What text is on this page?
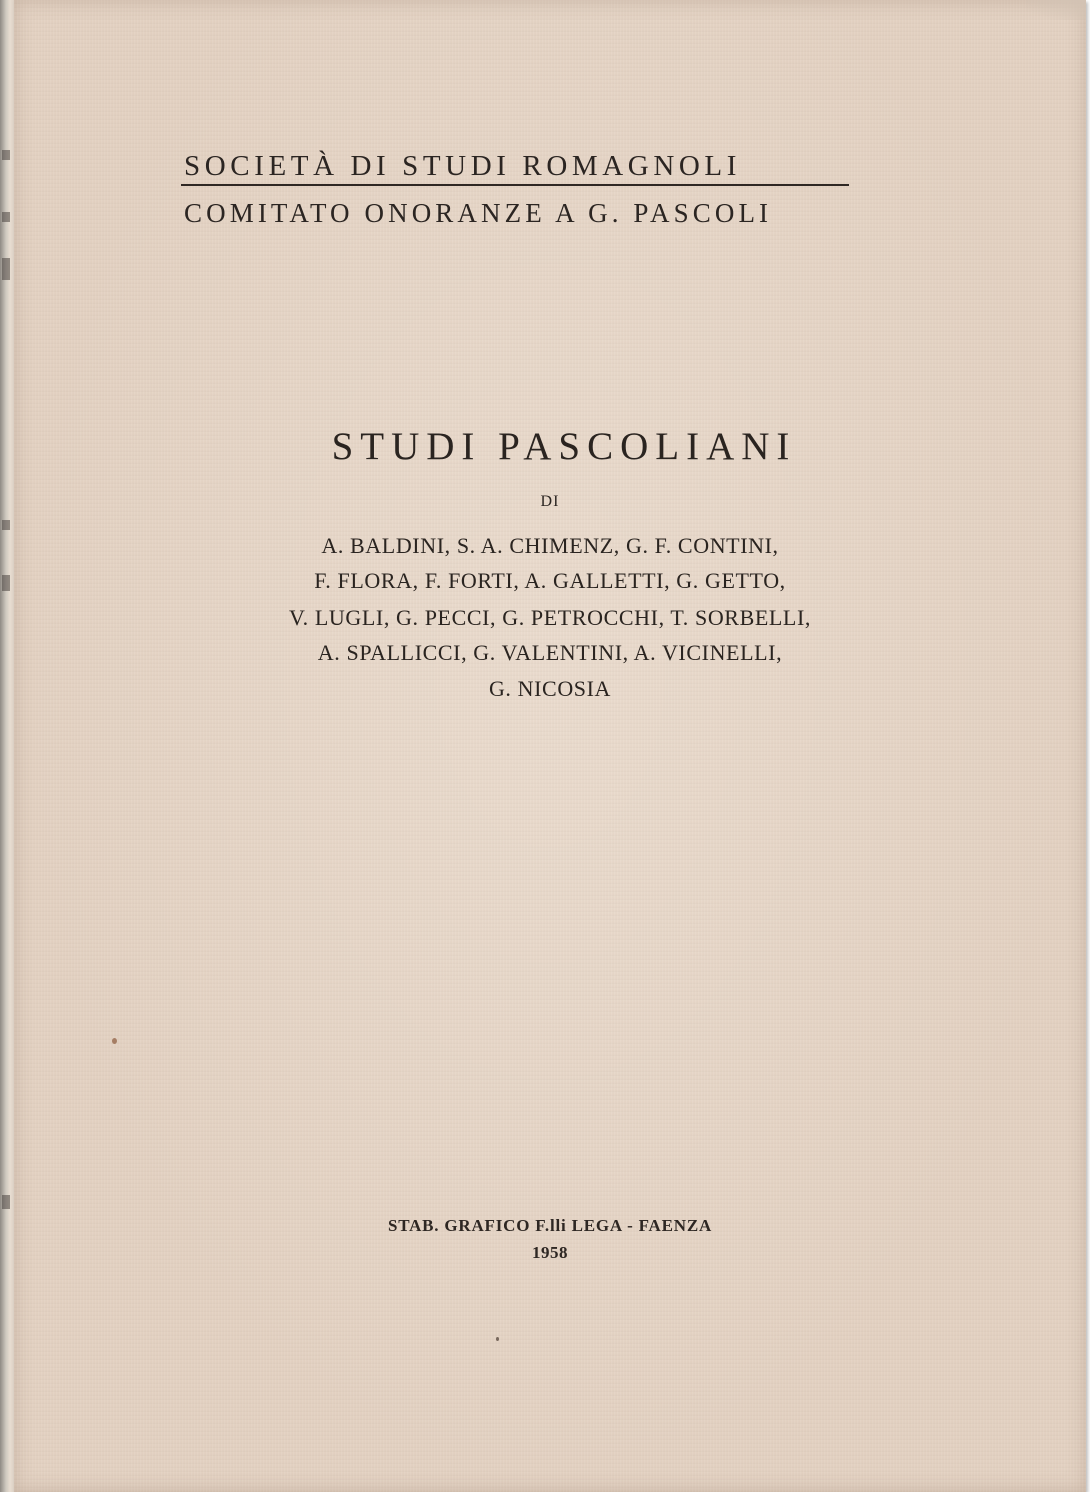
SOCIETÀ DI STUDI ROMAGNOLI
COMITATO ONORANZE A G. PASCOLI
STUDI PASCOLIANI
DI
A. BALDINI, S. A. CHIMENZ, G. F. CONTINI,
F. FLORA, F. FORTI, A. GALLETTI, G. GETTO,
V. LUGLI, G. PECCI, G. PETROCCHI, T. SORBELLI,
A. SPALLICCI, G. VALENTINI, A. VICINELLI,
G. NICOSIA
STAB. GRAFICO F.lli LEGA - FAENZA
1958
